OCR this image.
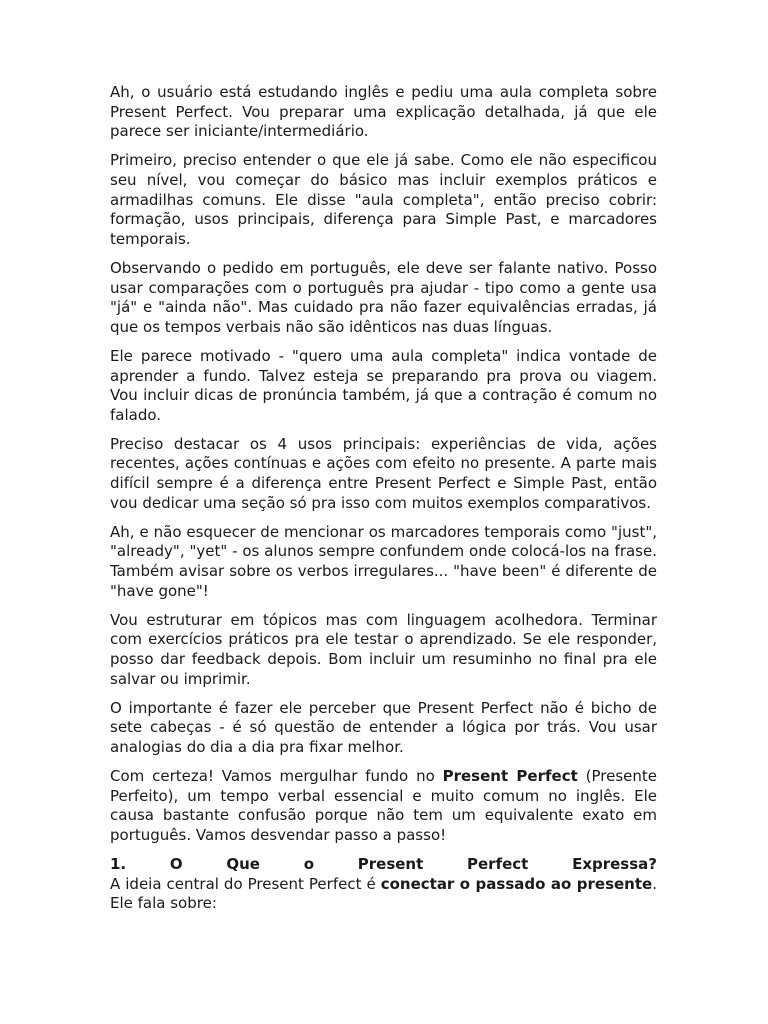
Ah, o usuário está estudando inglês e pediu uma aula completa sobre Present Perfect. Vou preparar uma explicação detalhada, já que ele parece ser iniciante/intermediário.

Primeiro, preciso entender o que ele já sabe. Como ele não especificou seu nível, vou começar do básico mas incluir exemplos práticos e armadilhas comuns. Ele disse "aula completa", então preciso cobrir: formação, usos principais, diferença para Simple Past, e marcadores temporais.

Observando o pedido em português, ele deve ser falante nativo. Posso usar comparações com o português pra ajudar - tipo como a gente usa "já" e "ainda não". Mas cuidado pra não fazer equivalências erradas, já que os tempos verbais não são idênticos nas duas línguas.

Ele parece motivado - "quero uma aula completa" indica vontade de aprender a fundo. Talvez esteja se preparando pra prova ou viagem. Vou incluir dicas de pronúncia também, já que a contração é comum no falado.

Preciso destacar os 4 usos principais: experiências de vida, ações recentes, ações contínuas e ações com efeito no presente. A parte mais difícil sempre é a diferença entre Present Perfect e Simple Past, então vou dedicar uma seção só pra isso com muitos exemplos comparativos.

Ah, e não esquecer de mencionar os marcadores temporais como "just", "already", "yet" - os alunos sempre confundem onde colocá-los na frase. Também avisar sobre os verbos irregulares... "have been" é diferente de "have gone"!

Vou estruturar em tópicos mas com linguagem acolhedora. Terminar com exercícios práticos pra ele testar o aprendizado. Se ele responder, posso dar feedback depois. Bom incluir um resuminho no final pra ele salvar ou imprimir.

O importante é fazer ele perceber que Present Perfect não é bicho de sete cabeças - é só questão de entender a lógica por trás. Vou usar analogias do dia a dia pra fixar melhor.

Com certeza! Vamos mergulhar fundo no Present Perfect (Presente Perfeito), um tempo verbal essencial e muito comum no inglês. Ele causa bastante confusão porque não tem um equivalente exato em português. Vamos desvendar passo a passo!

1. O Que o Present Perfect Expressa?

A ideia central do Present Perfect é conectar o passado ao presente. Ele fala sobre:
